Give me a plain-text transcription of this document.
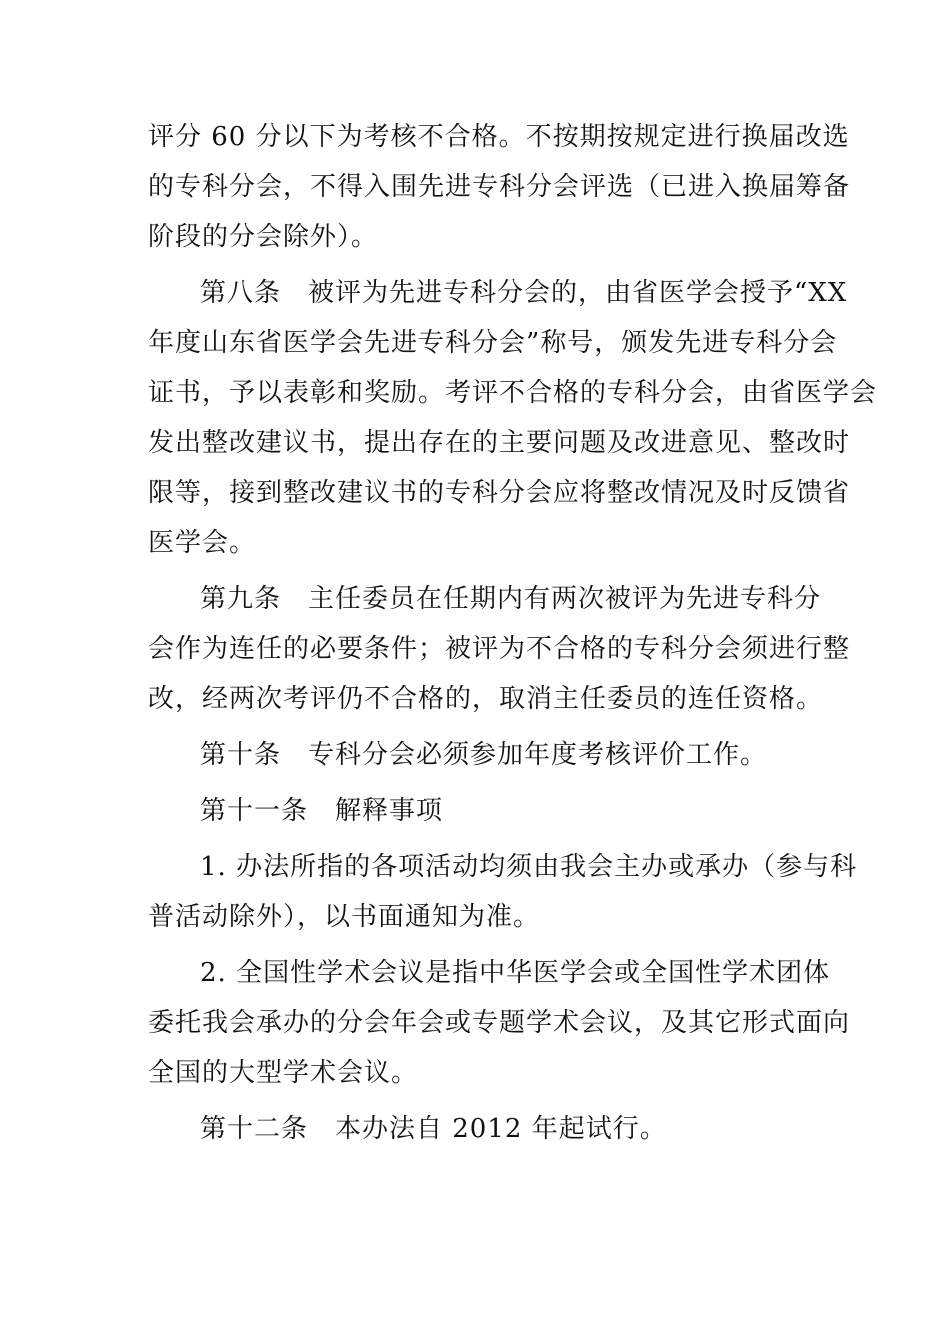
评分 60 分以下为考核不合格。不按期按规定进行换届改选
的专科分会，不得入围先进专科分会评选（已进入换届筹备
阶段的分会除外）。
第八条　被评为先进专科分会的，由省医学会授予“XX
年度山东省医学会先进专科分会”称号，颁发先进专科分会
证书，予以表彰和奖励。考评不合格的专科分会，由省医学会
发出整改建议书，提出存在的主要问题及改进意见、整改时
限等，接到整改建议书的专科分会应将整改情况及时反馈省
医学会。
第九条　主任委员在任期内有两次被评为先进专科分
会作为连任的必要条件；被评为不合格的专科分会须进行整
改，经两次考评仍不合格的，取消主任委员的连任资格。
第十条　专科分会必须参加年度考核评价工作。
第十一条　解释事项
1. 办法所指的各项活动均须由我会主办或承办（参与科
普活动除外），以书面通知为准。
2. 全国性学术会议是指中华医学会或全国性学术团体
委托我会承办的分会年会或专题学术会议，及其它形式面向
全国的大型学术会议。
第十二条　本办法自 2012 年起试行。
